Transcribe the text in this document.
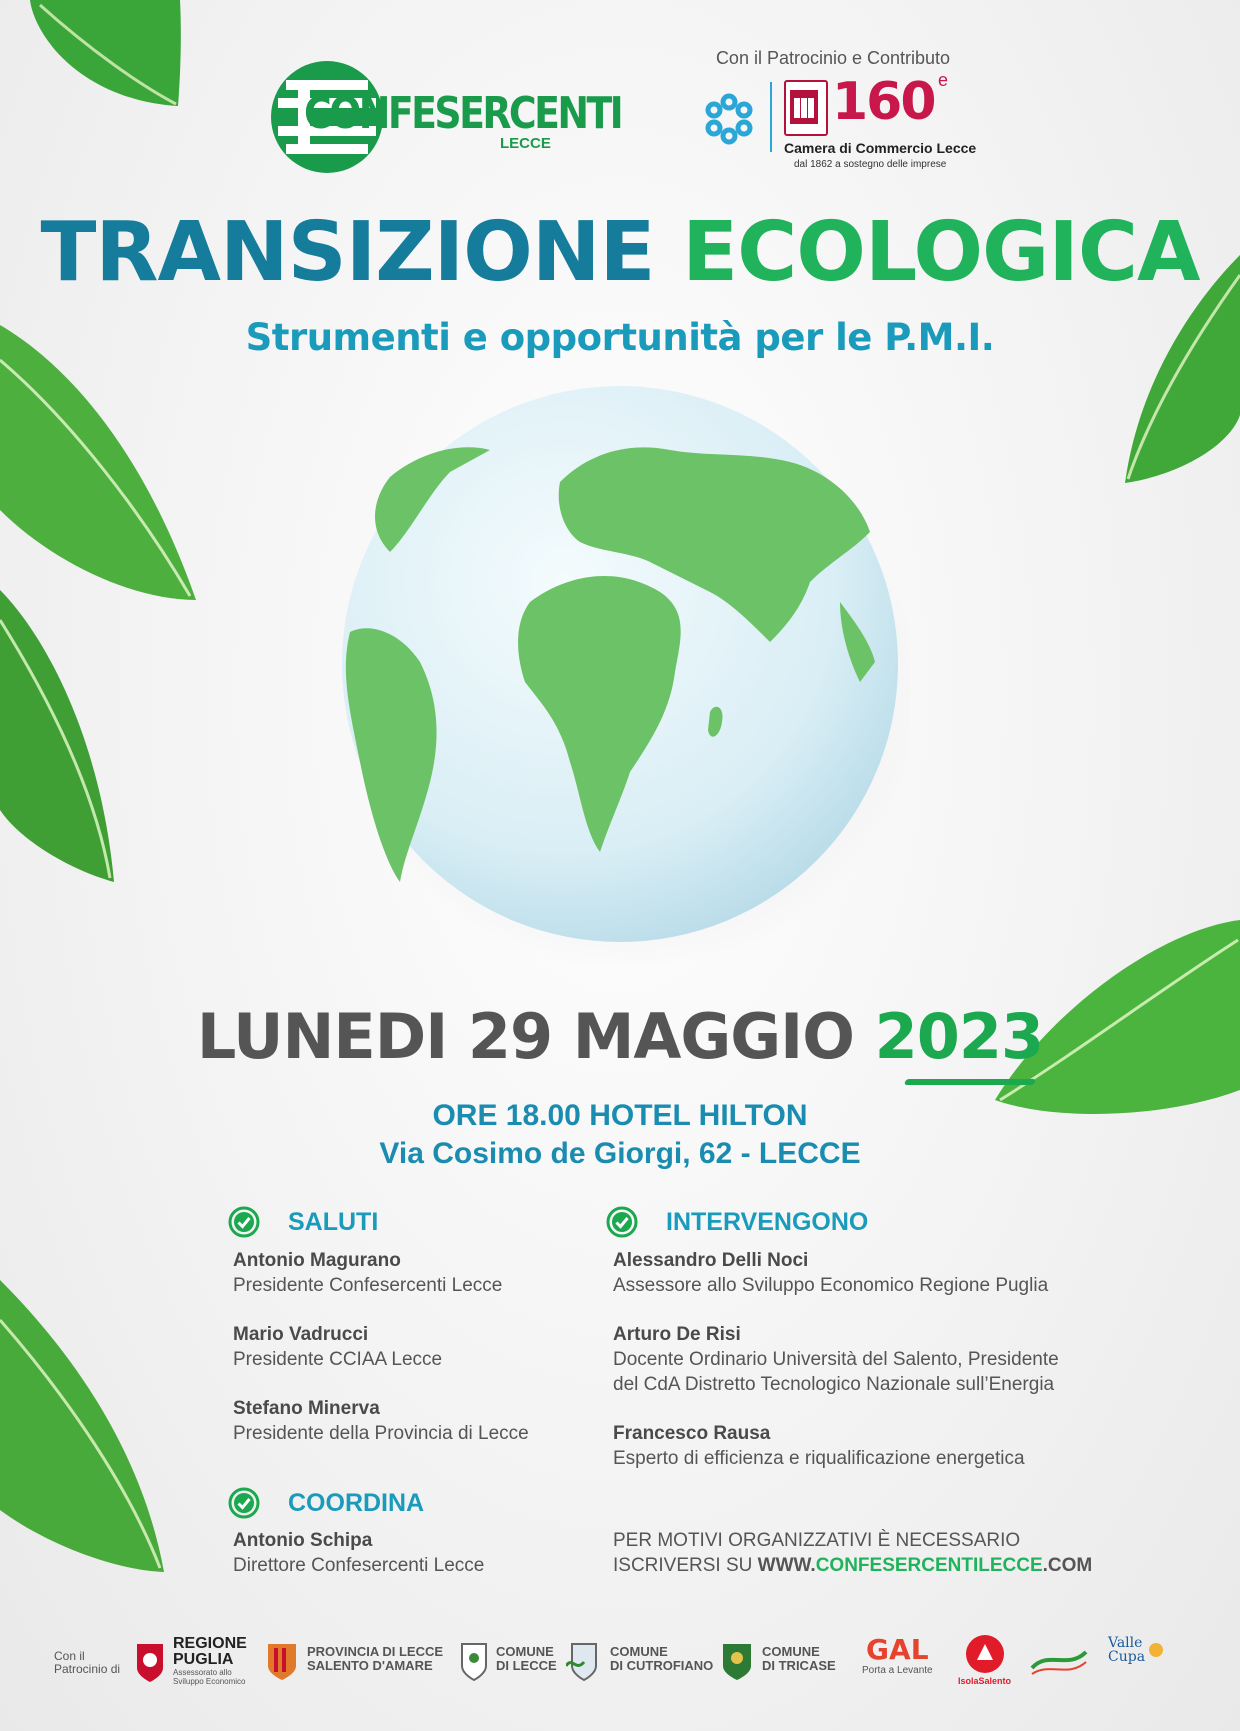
Con il Patrocinio e Contributo
CONFESERCENTI
LECCE
160 e
Camera di Commercio Lecce
dal 1862 a sostegno delle imprese
TRANSIZIONE ECOLOGICA
Strumenti e opportunità per le P.M.I.
LUNEDI 29 MAGGIO 2023
ORE 18.00 HOTEL HILTON
Via Cosimo de Giorgi, 62 - LECCE
SALUTI
Antonio Magurano
Presidente Confesercenti Lecce
Mario Vadrucci
Presidente CCIAA Lecce
Stefano Minerva
Presidente della Provincia di Lecce
COORDINA
Antonio Schipa
Direttore Confesercenti Lecce
INTERVENGONO
Alessandro Delli Noci
Assessore allo Sviluppo Economico Regione Puglia
Arturo De Risi
Docente Ordinario Università del Salento, Presidente
del CdA Distretto Tecnologico Nazionale sull’Energia
Francesco Rausa
Esperto di efficienza e riqualificazione energetica
PER MOTIVI ORGANIZZATIVI È NECESSARIO
ISCRIVERSI SU WWW.CONFESERCENTILECCE.COM
Con il
Patrocinio di
REGIONE
PUGLIA
Assessorato allo
Sviluppo Economico
PROVINCIA DI LECCE
SALENTO D'AMARE
COMUNE
DI LECCE
COMUNE
DI CUTROFIANO
COMUNE
DI TRICASE GAL
Porta a Levante
IsolaSalento
Valle
Cupa
